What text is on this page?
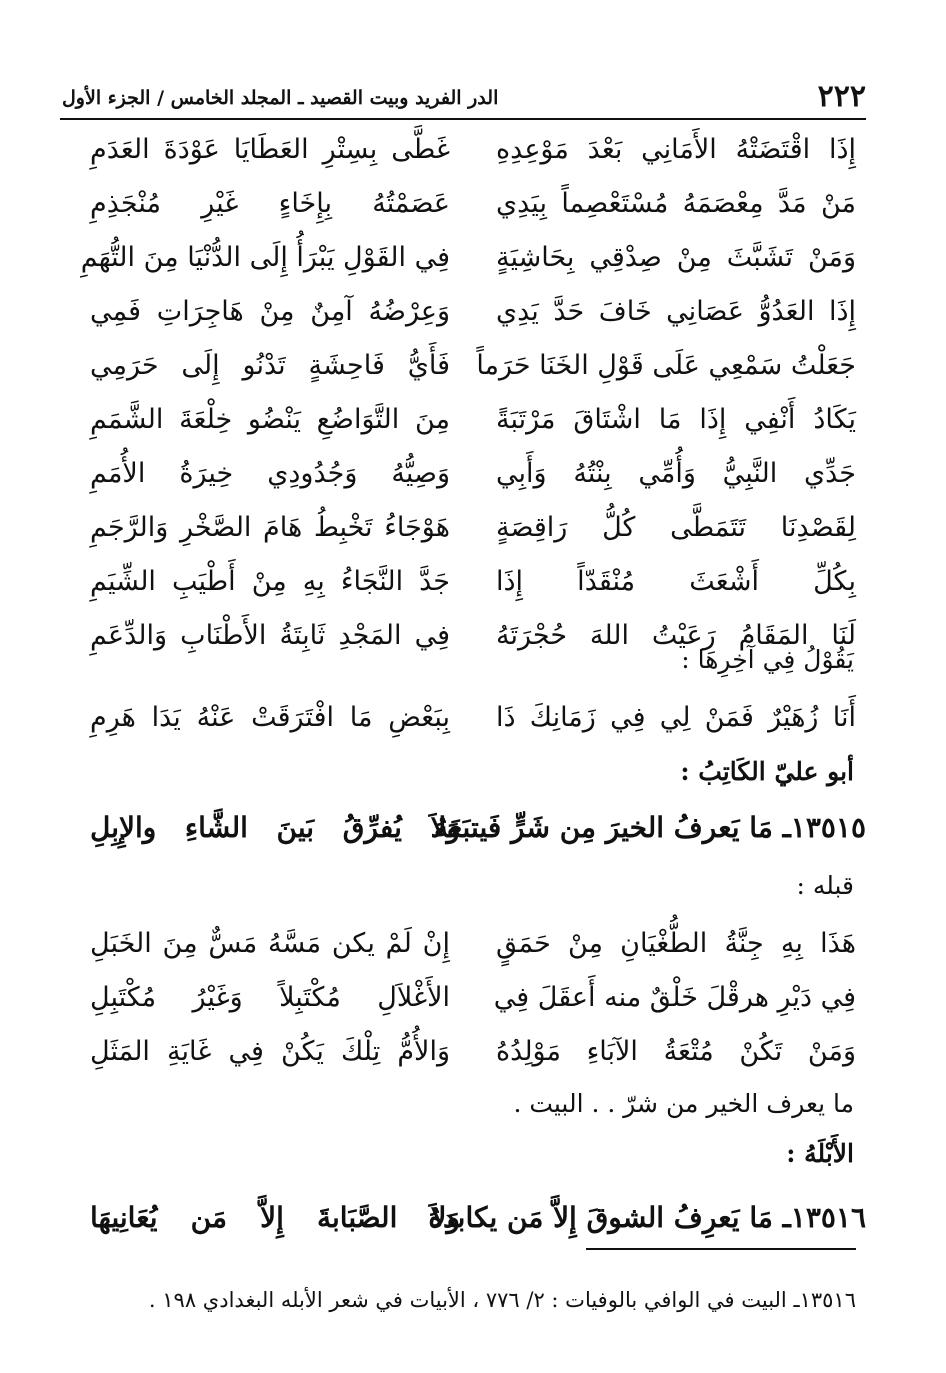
٢٢٢
الدر الفريد وبيت القصيد ـ المجلد الخامس / الجزء الأول
إِذَا اقْتَضَتْهُ الأَمَانِي بَعْدَ مَوْعِدِهِ
غَطَّى بِسِتْرِ العَطَايَا عَوْدَةَ العَدَمِ
مَنْ مَدَّ مِعْصَمَهُ مُسْتَعْصِماً بِيَدِي
عَصَمْتُهُ بِإِخَاءٍ غَيْرِ مُنْجَذِمِ
وَمَنْ تَشَبَّثَ مِنْ صِدْقِي بِحَاشِيَةٍ
فِي القَوْلِ يَبْرَأُ إِلَى الدُّنْيَا مِنَ التُّهَمِ
إِذَا العَدُوُّ عَصَانِي خَافَ حَدَّ يَدِي
وَعِرْضُهُ آمِنٌ مِنْ هَاجِرَاتِ فَمِي
جَعَلْتُ سَمْعِي عَلَى قَوْلِ الخَنَا حَرَماً
فَأَيُّ فَاحِشَةٍ تَدْنُو إِلَى حَرَمِي
يَكَادُ أَنْفِي إِذَا مَا اشْتَاقَ مَرْتَبَةً
مِنَ التَّوَاضُعِ يَنْضُو خِلْعَةَ الشَّمَمِ
جَدِّي النَّبِيُّ وَأُمِّي بِنْتُهُ وَأَبِي
وَصِيُّهُ وَجُدُودِي خِيرَةُ الأُمَمِ
لِقَصْدِنَا تَتَمَطَّى كُلُّ رَاقِصَةٍ
هَوْجَاءُ تَخْبِطُ هَامَ الصَّخْرِ وَالرَّجَمِ
بِكُلِّ أَشْعَثَ مُنْقَدّاً إِذَا
جَدَّ النَّجَاءُ بِهِ مِنْ أَطْيَبِ الشِّيَمِ
لَنَا المَقَامُ رَعَيْتُ اللهَ حُجْرَتَهُ
فِي المَجْدِ ثَابِتَةُ الأَطْنَابِ وَالدِّعَمِ
يَقُوْلُ فِي آخِرِهَا :
أَنَا زُهَيْرٌ فَمَنْ لِي فِي زَمَانِكَ ذَا
بِبَعْضِ مَا افْتَرَقَتْ عَنْهُ يَدَا هَرِمِ
أبو عليّ الكَاتِبُ :
١٣٥١٥ـ مَا يَعرفُ الخيرَ مِن شَرٍّ فَيتبَعَهُ
وَلاَ يُفرِّقُ بَينَ الشَّاءِ والإِبِلِ
قبله :
هَذَا بِهِ جِنَّةُ الطُّغْيَانِ مِنْ حَمَقٍ
إِنْ لَمْ يكن مَسَّهُ مَسٌّ مِنَ الخَبَلِ
فِي دَيْرِ هرقْلَ خَلْقٌ منه أَعقَلَ فِي
الأَغْلاَلِ مُكْتَبِلاً وَغَيْرُ مُكْتَبِلِ
وَمَنْ تَكُنْ مُتْعَةُ الآبَاءِ مَوْلِدُهُ
وَالأُمُّ تِلْكَ يَكُنْ فِي غَايَةِ المَثَلِ
ما يعرف الخير من شرّ . . البيت .
الأَبْلَهُ :
١٣٥١٦ـ مَا يَعرِفُ الشوقَ إِلاَّ مَن يكابدهُ
وَلاَ الصَّبَابةَ إِلاَّ مَن يُعَانِيهَا
١٣٥١٦ـ البيت في الوافي بالوفيات : ٢/ ٧٧٦ ، الأبيات في شعر الأبله البغدادي ١٩٨ .
